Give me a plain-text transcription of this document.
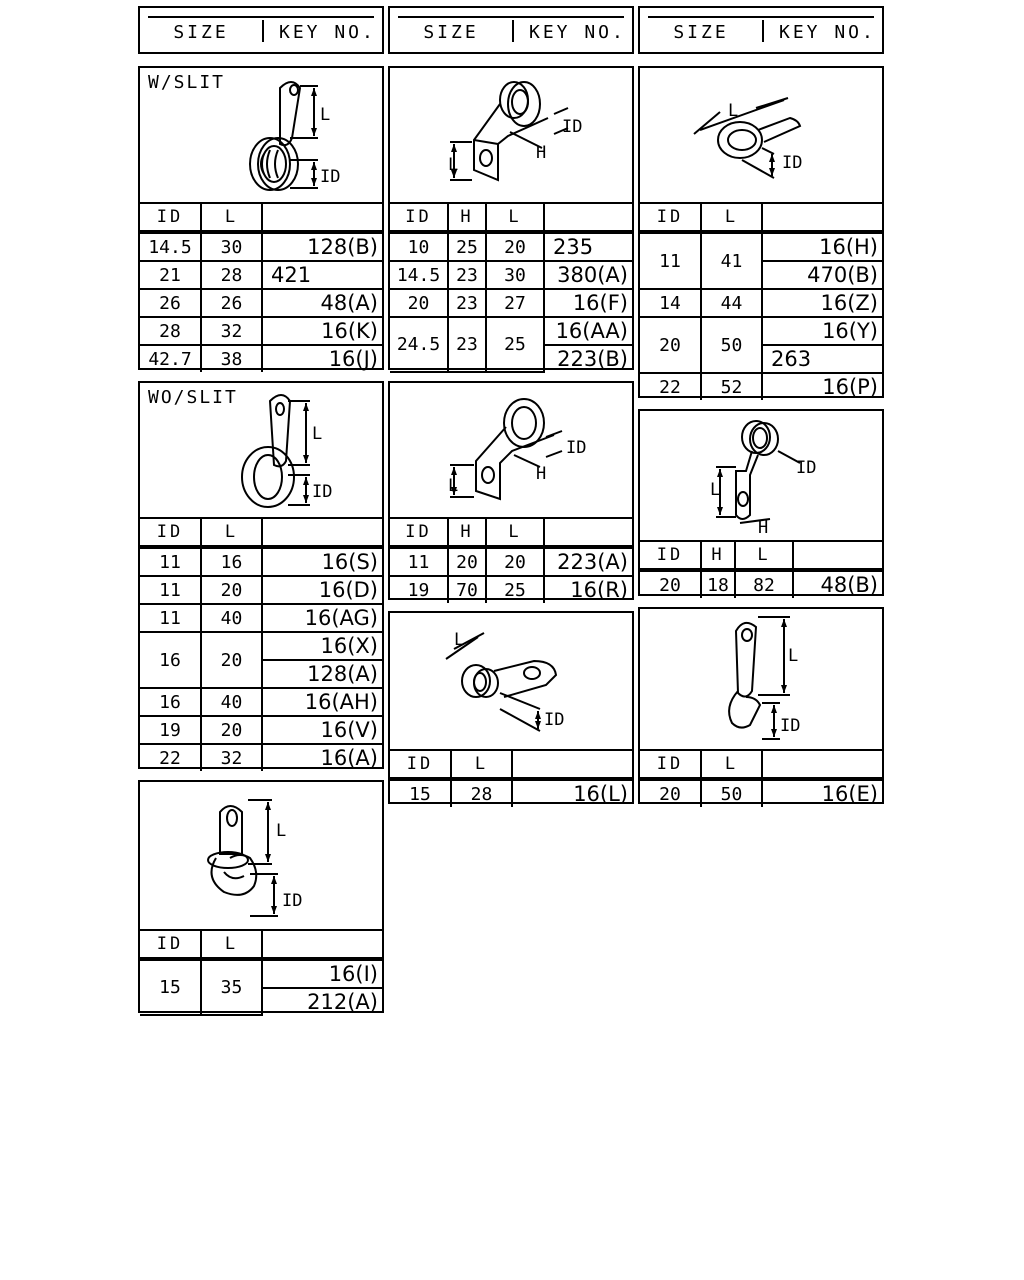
SIZE	KEY NO.	SIZE	KEY NO.	SIZE	KEY NO.
W/SLIT
L
ID
ID	L	
14.5	30	128(B)
21	28	421
26	26	48(A)
28	32	16(K)
42.7	38	16(J)
WO/SLIT
L
ID
ID	L	
11	16	16(S)
11	20	16(D)
11	40	16(AG)
16	20	16(X)
		128(A)
16	40	16(AH)
19	20	16(V)
22	32	16(A)
L
ID
ID	L	
15	35	16(I)
		212(A)
L
H
ID
ID	H	L	
10	25	20	235
14.5	23	30	380(A)
20	23	27	16(F)
24.5	23	25	16(AA)
			223(B)
L
H
ID
ID	H	L	
11	20	20	223(A)
19	70	25	16(R)
L
ID
ID	L	
15	28	16(L)
L
ID
ID	L	
11	41	16(H)
		470(B)
14	44	16(Z)
20	50	16(Y)
		263
22	52	16(P)
L
H
ID
ID	H	L	
20	18	82	48(B)
L
ID
ID	L	
20	50	16(E)
